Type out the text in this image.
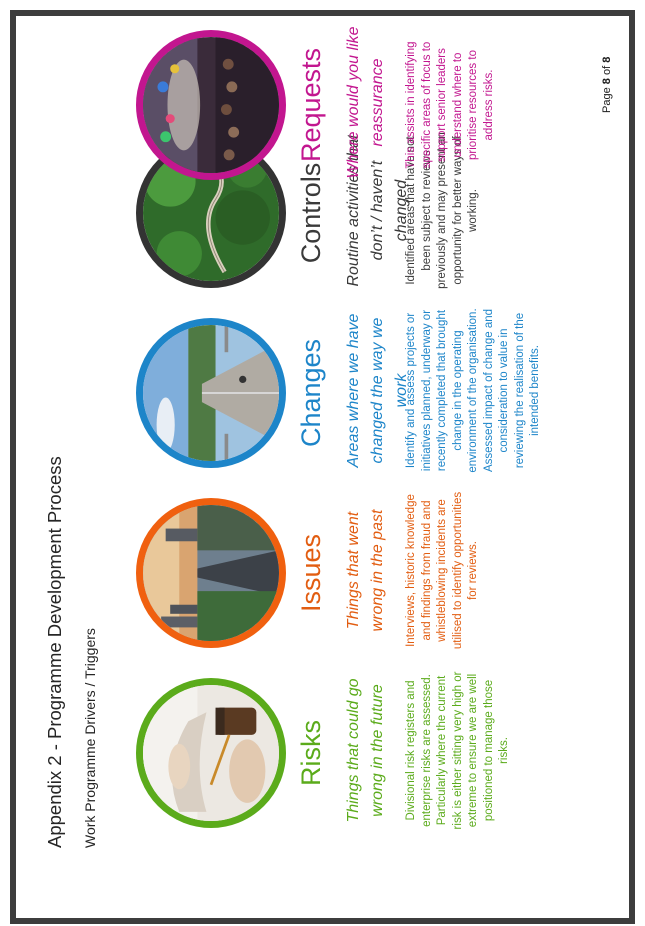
Appendix 2 - Programme Development Process Work Programme Drivers / Triggers	Risks Things that could go wrong in the future	Divisional risk registers and enterprise risks are assessed. Particularly where the current risk is either sitting very high or extreme to ensure we are well positioned to manage those risks.
Issues Things that went wrong in the past	Interviews, historic knowledge and findings from fraud and whistleblowing incidents are utilised to identify opportunities for reviews.
Changes Areas where we have changed the way we work
Identify and assess projects or initiatives planned, underway or recently completed that brought change in the operating environment of the organisation. Assessed impact of change and consideration to value in reviewing the realisation of the intended benefits.
Controls Routine activities that don’t / haven’t changed
Identified areas that have not been subject to reviews previously and may present an opportunity for better ways of working.
Requests Where would you like reassurance	This assists in identifying specific areas of focus to support senior leaders understand where to prioritise resources to address risks.	Page 8 of 8
